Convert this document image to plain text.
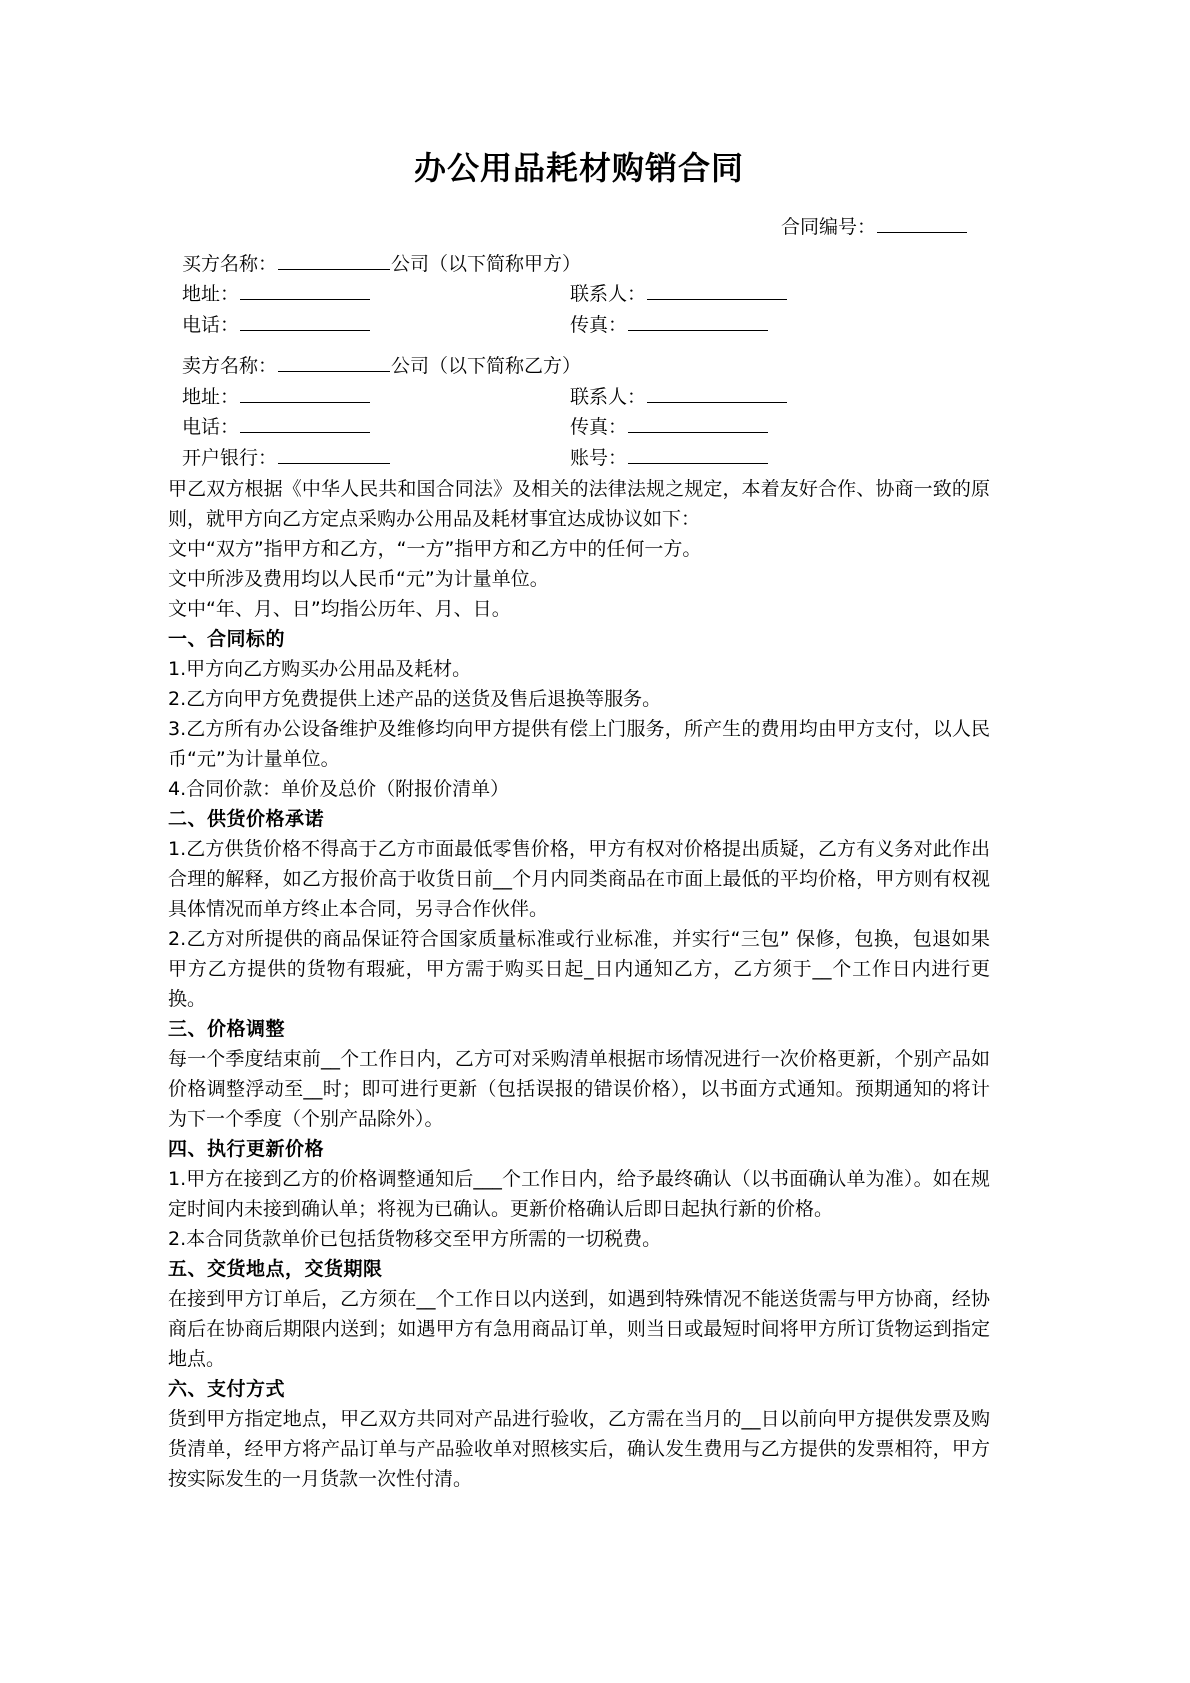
办公用品耗材购销合同
合同编号：
买方名称：	公司（以下简称甲方）
地址：	联系人：
电话：	传真：
卖方名称：	公司（以下简称乙方）
地址：	联系人：
电话：	传真：
开户银行：	账号：

甲乙双方根据《中华人民共和国合同法》及相关的法律法规之规定，本着友好合作、协商一致的原则，就甲方向乙方定点采购办公用品及耗材事宜达成协议如下：

文中“双方”指甲方和乙方，“一方”指甲方和乙方中的任何一方。

文中所涉及费用均以人民币“元”为计量单位。

文中“年、月、日”均指公历年、月、日。

一、合同标的

1.甲方向乙方购买办公用品及耗材。

2.乙方向甲方免费提供上述产品的送货及售后退换等服务。

3.乙方所有办公设备维护及维修均向甲方提供有偿上门服务，所产生的费用均由甲方支付，以人民币“元”为计量单位。

4.合同价款：单价及总价（附报价清单）

二、供货价格承诺

1.乙方供货价格不得高于乙方市面最低零售价格，甲方有权对价格提出质疑，乙方有义务对此作出合理的解释，如乙方报价高于收货日前__个月内同类商品在市面上最低的平均价格，甲方则有权视具体情况而单方终止本合同，另寻合作伙伴。

2.乙方对所提供的商品保证符合国家质量标准或行业标准，并实行“三包” 保修，包换，包退如果甲方乙方提供的货物有瑕疵，甲方需于购买日起_日内通知乙方，乙方须于__个工作日内进行更换。

三、价格调整

每一个季度结束前__个工作日内，乙方可对采购清单根据市场情况进行一次价格更新，个别产品如价格调整浮动至__时；即可进行更新（包括误报的错误价格），以书面方式通知。预期通知的将计为下一个季度（个别产品除外）。

四、执行更新价格

1.甲方在接到乙方的价格调整通知后___个工作日内，给予最终确认（以书面确认单为准）。如在规定时间内未接到确认单；将视为已确认。更新价格确认后即日起执行新的价格。

2.本合同货款单价已包括货物移交至甲方所需的一切税费。

五、交货地点，交货期限

在接到甲方订单后，乙方须在__个工作日以内送到，如遇到特殊情况不能送货需与甲方协商，经协商后在协商后期限内送到；如遇甲方有急用商品订单，则当日或最短时间将甲方所订货物运到指定地点。

六、支付方式

货到甲方指定地点，甲乙双方共同对产品进行验收，乙方需在当月的__日以前向甲方提供发票及购货清单，经甲方将产品订单与产品验收单对照核实后，确认发生费用与乙方提供的发票相符，甲方按实际发生的一月货款一次性付清。
